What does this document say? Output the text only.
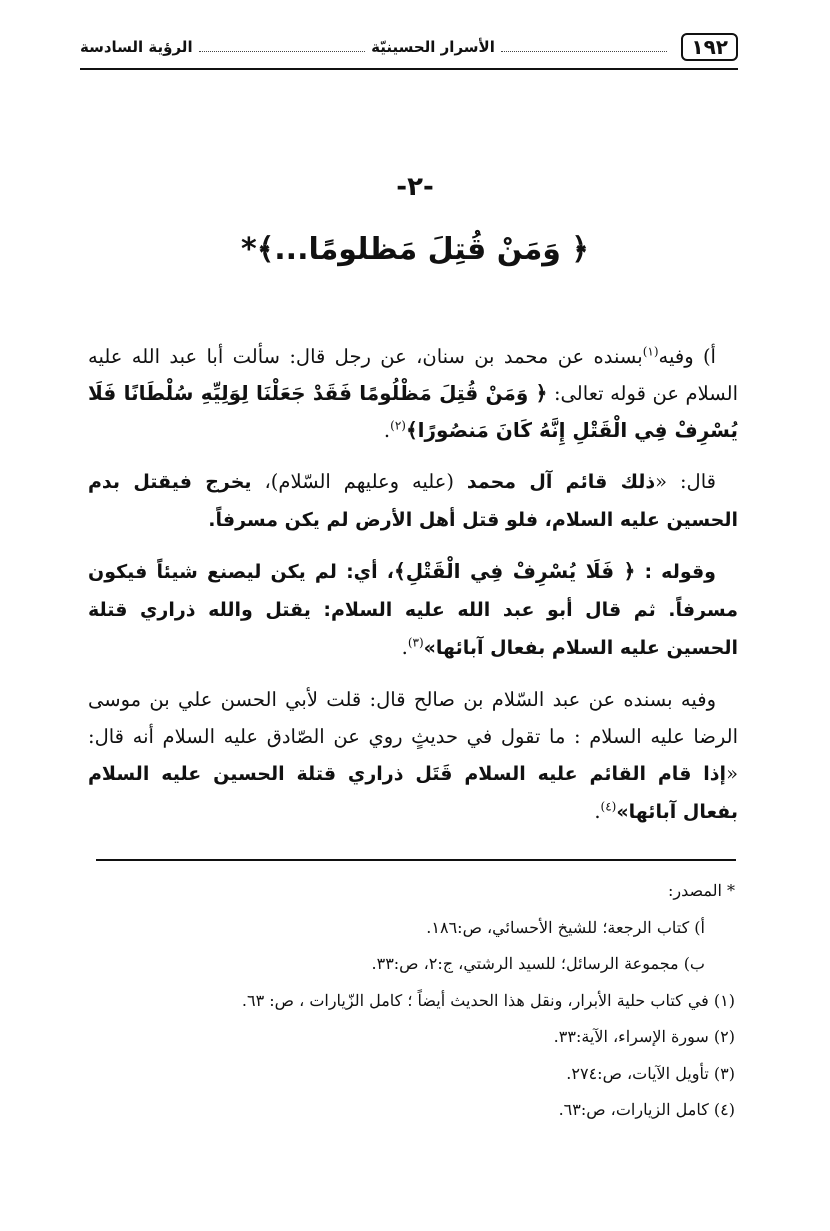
١٩٢
الأسرار الحسينيّة
الرؤية السادسة
-٢-
﴿ وَمَنْ قُتِلَ مَظلومًا...﴾*

أ) وفيه$^{(١)}$بسنده عن محمد بن سنان، عن رجل قال: سألت أبا عبد الله عليه السلام عن قوله تعالى: ﴿ وَمَنْ قُتِلَ مَظْلُومًا فَقَدْ جَعَلْنَا لِوَلِيِّهِ سُلْطَانًا فَلَا يُسْرِفْ فِي الْقَتْلِ إِنَّهُ كَانَ مَنصُورًا﴾$^{(٢)}$.

قال: «ذلك قائم آل محمد (عليه وعليهم السّلام)، يخرج فيقتل بدم الحسين عليه السلام، فلو قتل أهل الأرض لم يكن مسرفاً.

وقوله : ﴿ فَلَا يُسْرِفْ فِي الْقَتْلِ﴾، أي: لم يكن ليصنع شيئاً فيكون مسرفاً. ثم قال أبو عبد الله عليه السلام: يقتل والله ذراري قتلة الحسين عليه السلام بفعال آبائها»$^{(٣)}$.

وفيه بسنده عن عبد السّلام بن صالح قال: قلت لأبي الحسن علي بن موسى الرضا عليه السلام : ما تقول في حديثٍ روي عن الصّادق عليه السلام أنه قال: «إذا قام القائم عليه السلام قَتَل ذراري قتلة الحسين عليه السلام بفعال آبائها»$^{(٤)}$.

* المصدر:

أ) كتاب الرجعة؛ للشيخ الأحسائي، ص:١٨٦.

ب) مجموعة الرسائل؛ للسيد الرشتي، ج:٢، ص:٣٣.

(١) في كتاب حلية الأبرار، ونقل هذا الحديث أيضاً ؛ كامل الزّيارات ، ص: ٦٣.

(٢) سورة الإسراء، الآية:٣٣.

(٣) تأويل الآيات، ص:٢٧٤.

(٤) كامل الزيارات، ص:٦٣.
